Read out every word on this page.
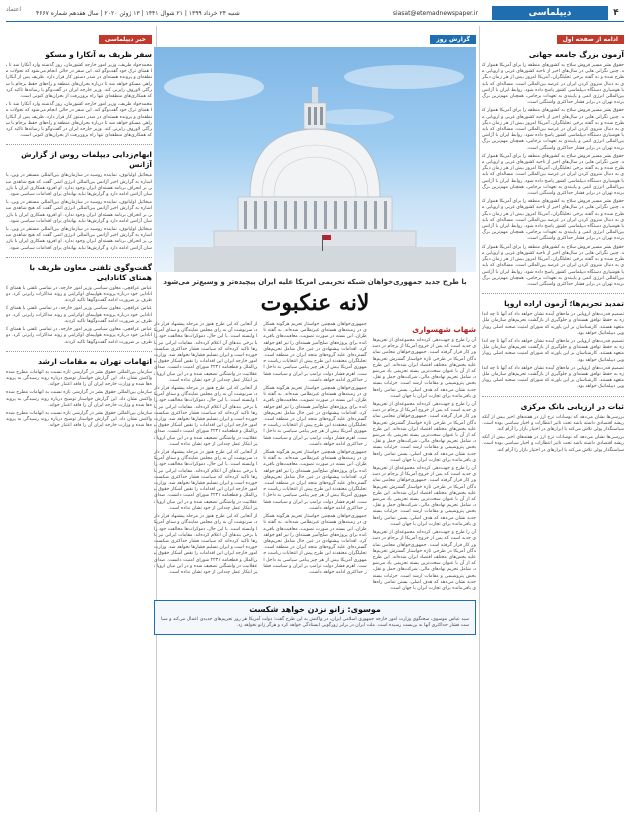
۴
دیپلماسی
siasat@etemadnewspaper.ir
شنبه ۲۴ خرداد ۱۳۹۹ | ۲۱ شوال ۱۴۴۱ | ۱۳ ژوئن ۲۰۲۰ | سال هفدهم شماره ۴۶۶۷
اعتماد
ادامه از صفحه اول
آزمون بزرگ جامعه جهانی

حقوق بشر مسیر فروش سلاح به کشورهای منطقه را برای آمریکا هموار کند. چنین نگرانی هایی در سال‌های اخیر از ناحیه کشورهای غربی و اروپایی مطرح شده و به گفته برخی تحلیلگران، آمریکا امروز بیش از هر زمان دیگری به دنبال منزوی کردن ایران در عرصه بین‌المللی است. مساله‌ای که باید با هوشیاری دستگاه دیپلماسی کشور پاسخ داده شود. روابط ایران با آژانس بین‌المللی انرژی اتمی و پایبندی به تعهدات برجامی، همچنان مهم‌ترین برگ برنده تهران در برابر فشار حداکثری واشنگتن است.

حقوق بشر مسیر فروش سلاح به کشورهای منطقه را برای آمریکا هموار کند. چنین نگرانی هایی در سال‌های اخیر از ناحیه کشورهای غربی و اروپایی مطرح شده و به گفته برخی تحلیلگران، آمریکا امروز بیش از هر زمان دیگری به دنبال منزوی کردن ایران در عرصه بین‌المللی است. مساله‌ای که باید با هوشیاری دستگاه دیپلماسی کشور پاسخ داده شود. روابط ایران با آژانس بین‌المللی انرژی اتمی و پایبندی به تعهدات برجامی، همچنان مهم‌ترین برگ برنده تهران در برابر فشار حداکثری واشنگتن است.

حقوق بشر مسیر فروش سلاح به کشورهای منطقه را برای آمریکا هموار کند. چنین نگرانی هایی در سال‌های اخیر از ناحیه کشورهای غربی و اروپایی مطرح شده و به گفته برخی تحلیلگران، آمریکا امروز بیش از هر زمان دیگری به دنبال منزوی کردن ایران در عرصه بین‌المللی است. مساله‌ای که باید با هوشیاری دستگاه دیپلماسی کشور پاسخ داده شود. روابط ایران با آژانس بین‌المللی انرژی اتمی و پایبندی به تعهدات برجامی، همچنان مهم‌ترین برگ برنده تهران در برابر فشار حداکثری واشنگتن است.

حقوق بشر مسیر فروش سلاح به کشورهای منطقه را برای آمریکا هموار کند. چنین نگرانی هایی در سال‌های اخیر از ناحیه کشورهای غربی و اروپایی مطرح شده و به گفته برخی تحلیلگران، آمریکا امروز بیش از هر زمان دیگری به دنبال منزوی کردن ایران در عرصه بین‌المللی است. مساله‌ای که باید با هوشیاری دستگاه دیپلماسی کشور پاسخ داده شود. روابط ایران با آژانس بین‌المللی انرژی اتمی و پایبندی به تعهدات برجامی، همچنان مهم‌ترین برگ برنده تهران در برابر فشار حداکثری واشنگتن است.

حقوق بشر مسیر فروش سلاح به کشورهای منطقه را برای آمریکا هموار کند. چنین نگرانی هایی در سال‌های اخیر از ناحیه کشورهای غربی و اروپایی مطرح شده و به گفته برخی تحلیلگران، آمریکا امروز بیش از هر زمان دیگری به دنبال منزوی کردن ایران در عرصه بین‌المللی است. مساله‌ای که باید با هوشیاری دستگاه دیپلماسی کشور پاسخ داده شود. روابط ایران با آژانس بین‌المللی انرژی اتمی و پایبندی به تعهدات برجامی، همچنان مهم‌ترین برگ برنده تهران در برابر فشار حداکثری واشنگتن است.

تمدید تحریم‌ها؛ آزمون اراده اروپا

تصمیم قدرت‌های اروپایی در ماه‌های آینده نشان خواهد داد که آنها تا چه اندازه به حفظ توافق هسته‌ای و جلوگیری از بازگشت تحریم‌های سازمان ملل متعهد هستند. کارشناسان بر این باورند که شورای امنیت صحنه اصلی رویارویی دیپلماتیک خواهد بود.

تصمیم قدرت‌های اروپایی در ماه‌های آینده نشان خواهد داد که آنها تا چه اندازه به حفظ توافق هسته‌ای و جلوگیری از بازگشت تحریم‌های سازمان ملل متعهد هستند. کارشناسان بر این باورند که شورای امنیت صحنه اصلی رویارویی دیپلماتیک خواهد بود.

تصمیم قدرت‌های اروپایی در ماه‌های آینده نشان خواهد داد که آنها تا چه اندازه به حفظ توافق هسته‌ای و جلوگیری از بازگشت تحریم‌های سازمان ملل متعهد هستند. کارشناسان بر این باورند که شورای امنیت صحنه اصلی رویارویی دیپلماتیک خواهد بود.

ثبات در ارزیابی بانک مرکزی

بررسی‌ها نشان می‌دهد که نوسانات نرخ ارز در هفته‌های اخیر بیش از آنکه ریشه اقتصادی داشته باشد تحت تاثیر انتظارات و اخبار سیاسی بوده است. سیاستگذار پولی تلاش می‌کند با ابزارهای در اختیار بازار را آرام کند.

بررسی‌ها نشان می‌دهد که نوسانات نرخ ارز در هفته‌های اخیر بیش از آنکه ریشه اقتصادی داشته باشد تحت تاثیر انتظارات و اخبار سیاسی بوده است. سیاستگذار پولی تلاش می‌کند با ابزارهای در اختیار بازار را آرام کند.

گزارش روز
با طرح جدید جمهوری‌خواهان شبکه تحریمی امریکا علیه ایران پیچیده‌تر و وسیع‌تر می‌شود
لانه عنکبوت
شهاب شهسواری

آن را طرح و جهت‌دهی کرده‌اند مجموعه‌ای از تحریم‌های جدید است که پس از خروج آمریکا از برجام در دستور کار قرار گرفته است. جمهوری‌خواهان مجلس نمایندگان آمریکا در طرحی تازه خواستار گسترش تحریم‌ها علیه بخش‌های مختلف اقتصاد ایران شده‌اند. این طرح که از آن با عنوان سخت‌ترین بسته تحریمی یاد می‌شود، شامل تحریم نهادهای مالی، شرکت‌های حمل و نقل، بخش پتروشیمی و مقامات ارشد است. جزئیات بسته جدید نشان می‌دهد که هدف اصلی، بستن تمامی راه‌های باقی‌مانده برای تجارت ایران با جهان است.

آن را طرح و جهت‌دهی کرده‌اند مجموعه‌ای از تحریم‌های جدید است که پس از خروج آمریکا از برجام در دستور کار قرار گرفته است. جمهوری‌خواهان مجلس نمایندگان آمریکا در طرحی تازه خواستار گسترش تحریم‌ها علیه بخش‌های مختلف اقتصاد ایران شده‌اند. این طرح که از آن با عنوان سخت‌ترین بسته تحریمی یاد می‌شود، شامل تحریم نهادهای مالی، شرکت‌های حمل و نقل، بخش پتروشیمی و مقامات ارشد است. جزئیات بسته جدید نشان می‌دهد که هدف اصلی، بستن تمامی راه‌های باقی‌مانده برای تجارت ایران با جهان است.

آن را طرح و جهت‌دهی کرده‌اند مجموعه‌ای از تحریم‌های جدید است که پس از خروج آمریکا از برجام در دستور کار قرار گرفته است. جمهوری‌خواهان مجلس نمایندگان آمریکا در طرحی تازه خواستار گسترش تحریم‌ها علیه بخش‌های مختلف اقتصاد ایران شده‌اند. این طرح که از آن با عنوان سخت‌ترین بسته تحریمی یاد می‌شود، شامل تحریم نهادهای مالی، شرکت‌های حمل و نقل، بخش پتروشیمی و مقامات ارشد است. جزئیات بسته جدید نشان می‌دهد که هدف اصلی، بستن تمامی راه‌های باقی‌مانده برای تجارت ایران با جهان است.

آن را طرح و جهت‌دهی کرده‌اند مجموعه‌ای از تحریم‌های جدید است که پس از خروج آمریکا از برجام در دستور کار قرار گرفته است. جمهوری‌خواهان مجلس نمایندگان آمریکا در طرحی تازه خواستار گسترش تحریم‌ها علیه بخش‌های مختلف اقتصاد ایران شده‌اند. این طرح که از آن با عنوان سخت‌ترین بسته تحریمی یاد می‌شود، شامل تحریم نهادهای مالی، شرکت‌های حمل و نقل، بخش پتروشیمی و مقامات ارشد است. جزئیات بسته جدید نشان می‌دهد که هدف اصلی، بستن تمامی راه‌های باقی‌مانده برای تجارت ایران با جهان است.

جمهوری‌خواهان همچنین خواستار تحریم هرگونه همکاری در زمینه‌های هسته‌ای غیرنظامی شده‌اند. به گفته ناظران، این بسته در صورت تصویب، معافیت‌های باقی‌مانده برای پروژه‌های صلح‌آمیز هسته‌ای را نیز لغو خواهد کرد. اقدامات پیشنهادی در عین حال شامل تحریم‌های گسترده‌ای علیه گروه‌های متحد ایران در منطقه است. تحلیلگران معتقدند این طرح پیش از انتخابات ریاست جمهوری آمریکا بیش از هر چیز پیامی سیاسی به داخل است. اهرم فشار دولت ترامپ بر ایران و سیاست فشار حداکثری ادامه خواهد داشت.

جمهوری‌خواهان همچنین خواستار تحریم هرگونه همکاری در زمینه‌های هسته‌ای غیرنظامی شده‌اند. به گفته ناظران، این بسته در صورت تصویب، معافیت‌های باقی‌مانده برای پروژه‌های صلح‌آمیز هسته‌ای را نیز لغو خواهد کرد. اقدامات پیشنهادی در عین حال شامل تحریم‌های گسترده‌ای علیه گروه‌های متحد ایران در منطقه است. تحلیلگران معتقدند این طرح پیش از انتخابات ریاست جمهوری آمریکا بیش از هر چیز پیامی سیاسی به داخل است. اهرم فشار دولت ترامپ بر ایران و سیاست فشار حداکثری ادامه خواهد داشت.

جمهوری‌خواهان همچنین خواستار تحریم هرگونه همکاری در زمینه‌های هسته‌ای غیرنظامی شده‌اند. به گفته ناظران، این بسته در صورت تصویب، معافیت‌های باقی‌مانده برای پروژه‌های صلح‌آمیز هسته‌ای را نیز لغو خواهد کرد. اقدامات پیشنهادی در عین حال شامل تحریم‌های گسترده‌ای علیه گروه‌های متحد ایران در منطقه است. تحلیلگران معتقدند این طرح پیش از انتخابات ریاست جمهوری آمریکا بیش از هر چیز پیامی سیاسی به داخل است. اهرم فشار دولت ترامپ بر ایران و سیاست فشار حداکثری ادامه خواهد داشت.

جمهوری‌خواهان همچنین خواستار تحریم هرگونه همکاری در زمینه‌های هسته‌ای غیرنظامی شده‌اند. به گفته ناظران، این بسته در صورت تصویب، معافیت‌های باقی‌مانده برای پروژه‌های صلح‌آمیز هسته‌ای را نیز لغو خواهد کرد. اقدامات پیشنهادی در عین حال شامل تحریم‌های گسترده‌ای علیه گروه‌های متحد ایران در منطقه است. تحلیلگران معتقدند این طرح پیش از انتخابات ریاست جمهوری آمریکا بیش از هر چیز پیامی سیاسی به داخل است. اهرم فشار دولت ترامپ بر ایران و سیاست فشار حداکثری ادامه خواهد داشت.

از آنجایی که این طرح هنوز در مرحله پیشنهاد قرار دارد، سرنوشت آن به رای مجلس نمایندگان و سنای آمریکا وابسته است. با این حال، دموکرات‌ها مخالفت خود را با برخی بندهای آن اعلام کرده‌اند. مقامات ایرانی نیز بارها تاکید کرده‌اند که سیاست فشار حداکثری شکست خورده است و ایران تسلیم فشارها نخواهد شد. وزارت امور خارجه ایران این اقدامات را نقض آشکار حقوق بین‌الملل و قطعنامه ۲۲۳۱ شورای امنیت دانست. صدای عقلانیت در واشنگتن تضعیف شده و در این میان اروپا نیز ابتکار عمل چندانی از خود نشان نداده است.

از آنجایی که این طرح هنوز در مرحله پیشنهاد قرار دارد، سرنوشت آن به رای مجلس نمایندگان و سنای آمریکا وابسته است. با این حال، دموکرات‌ها مخالفت خود را با برخی بندهای آن اعلام کرده‌اند. مقامات ایرانی نیز بارها تاکید کرده‌اند که سیاست فشار حداکثری شکست خورده است و ایران تسلیم فشارها نخواهد شد. وزارت امور خارجه ایران این اقدامات را نقض آشکار حقوق بین‌الملل و قطعنامه ۲۲۳۱ شورای امنیت دانست. صدای عقلانیت در واشنگتن تضعیف شده و در این میان اروپا نیز ابتکار عمل چندانی از خود نشان نداده است.

از آنجایی که این طرح هنوز در مرحله پیشنهاد قرار دارد، سرنوشت آن به رای مجلس نمایندگان و سنای آمریکا وابسته است. با این حال، دموکرات‌ها مخالفت خود را با برخی بندهای آن اعلام کرده‌اند. مقامات ایرانی نیز بارها تاکید کرده‌اند که سیاست فشار حداکثری شکست خورده است و ایران تسلیم فشارها نخواهد شد. وزارت امور خارجه ایران این اقدامات را نقض آشکار حقوق بین‌الملل و قطعنامه ۲۲۳۱ شورای امنیت دانست. صدای عقلانیت در واشنگتن تضعیف شده و در این میان اروپا نیز ابتکار عمل چندانی از خود نشان نداده است.

از آنجایی که این طرح هنوز در مرحله پیشنهاد قرار دارد، سرنوشت آن به رای مجلس نمایندگان و سنای آمریکا وابسته است. با این حال، دموکرات‌ها مخالفت خود را با برخی بندهای آن اعلام کرده‌اند. مقامات ایرانی نیز بارها تاکید کرده‌اند که سیاست فشار حداکثری شکست خورده است و ایران تسلیم فشارها نخواهد شد. وزارت امور خارجه ایران این اقدامات را نقض آشکار حقوق بین‌الملل و قطعنامه ۲۲۳۱ شورای امنیت دانست. صدای عقلانیت در واشنگتن تضعیف شده و در این میان اروپا نیز ابتکار عمل چندانی از خود نشان نداده است.

موسوی: زانو نزدن خواهد شکست
سید عباس موسوی، سخنگوی وزارت امور خارجه جمهوری اسلامی ایران، در واکنش به این طرح گفت: دولت آمریکا هر روز تحریم‌های جدیدی اعمال می‌کند و سیاست فشار حداکثری آنها به بن‌بست رسیده است. ملت ایران در برابر زورگویی ایستادگی خواهد کرد و هرگز زانو نخواهد زد.
خبر دیپلماسی
سفر ظریف به آنکارا و مسکو

محمدجواد ظریف، وزیر امور خارجه کشورمان، روز گذشته وارد آنکارا شد تا با همتای ترک خود گفت‌وگو کند. این سفر در حالی انجام می‌شود که تحولات منطقه‌ای و پرونده هسته‌ای در صدر دستور کار قرار دارد. ظریف پس از آنکارا راهی مسکو خواهد شد تا درباره بحران‌های منطقه و راه‌های حفظ برجام با سرگئی لاوروف رایزنی کند. وزیر خارجه ایران در گفت‌وگو با رسانه‌ها تاکید کرد که همکاری‌های منطقه‌ای تنها راه برون‌رفت از بحران‌های کنونی است.

محمدجواد ظریف، وزیر امور خارجه کشورمان، روز گذشته وارد آنکارا شد تا با همتای ترک خود گفت‌وگو کند. این سفر در حالی انجام می‌شود که تحولات منطقه‌ای و پرونده هسته‌ای در صدر دستور کار قرار دارد. ظریف پس از آنکارا راهی مسکو خواهد شد تا درباره بحران‌های منطقه و راه‌های حفظ برجام با سرگئی لاوروف رایزنی کند. وزیر خارجه ایران در گفت‌وگو با رسانه‌ها تاکید کرد که همکاری‌های منطقه‌ای تنها راه برون‌رفت از بحران‌های کنونی است.

ابهام‌زدایی دیپلمات روس از گزارش آژانس

میخائیل اولیانوف، نماینده روسیه در سازمان‌های بین‌المللی مستقر در وین، با اشاره به گزارش اخیر آژانس بین‌المللی انرژی اتمی گفت که هیچ شاهدی مبنی بر انحراف برنامه هسته‌ای ایران وجود ندارد. او افزود همکاری ایران با بازرسان آژانس ادامه دارد و گزارش‌ها نباید بهانه‌ای برای اقدامات سیاسی شود.

میخائیل اولیانوف، نماینده روسیه در سازمان‌های بین‌المللی مستقر در وین، با اشاره به گزارش اخیر آژانس بین‌المللی انرژی اتمی گفت که هیچ شاهدی مبنی بر انحراف برنامه هسته‌ای ایران وجود ندارد. او افزود همکاری ایران با بازرسان آژانس ادامه دارد و گزارش‌ها نباید بهانه‌ای برای اقدامات سیاسی شود.

میخائیل اولیانوف، نماینده روسیه در سازمان‌های بین‌المللی مستقر در وین، با اشاره به گزارش اخیر آژانس بین‌المللی انرژی اتمی گفت که هیچ شاهدی مبنی بر انحراف برنامه هسته‌ای ایران وجود ندارد. او افزود همکاری ایران با بازرسان آژانس ادامه دارد و گزارش‌ها نباید بهانه‌ای برای اقدامات سیاسی شود.

گفت‌وگوی تلفنی معاون ظریف با همتای کانادایی

عباس عراقچی، معاون سیاسی وزیر امور خارجه، در تماسی تلفنی با همتای کانادایی خود درباره پرونده هواپیمای اوکراینی و روند مذاکرات رایزنی کرد. دو طرف بر ضرورت ادامه گفت‌وگوها تاکید کردند.

عباس عراقچی، معاون سیاسی وزیر امور خارجه، در تماسی تلفنی با همتای کانادایی خود درباره پرونده هواپیمای اوکراینی و روند مذاکرات رایزنی کرد. دو طرف بر ضرورت ادامه گفت‌وگوها تاکید کردند.

عباس عراقچی، معاون سیاسی وزیر امور خارجه، در تماسی تلفنی با همتای کانادایی خود درباره پرونده هواپیمای اوکراینی و روند مذاکرات رایزنی کرد. دو طرف بر ضرورت ادامه گفت‌وگوها تاکید کردند.

اتهامات تهران به مقامات ارشد

سازمان بین‌المللی حقوق بشر در گزارشی تازه نسبت به اتهامات مطرح شده واکنش نشان داد. این گزارش خواستار توضیح درباره روند رسیدگی به پرونده‌ها شده و وزارت خارجه ایران آن را فاقد اعتبار خواند.

سازمان بین‌المللی حقوق بشر در گزارشی تازه نسبت به اتهامات مطرح شده واکنش نشان داد. این گزارش خواستار توضیح درباره روند رسیدگی به پرونده‌ها شده و وزارت خارجه ایران آن را فاقد اعتبار خواند.

سازمان بین‌المللی حقوق بشر در گزارشی تازه نسبت به اتهامات مطرح شده واکنش نشان داد. این گزارش خواستار توضیح درباره روند رسیدگی به پرونده‌ها شده و وزارت خارجه ایران آن را فاقد اعتبار خواند.
